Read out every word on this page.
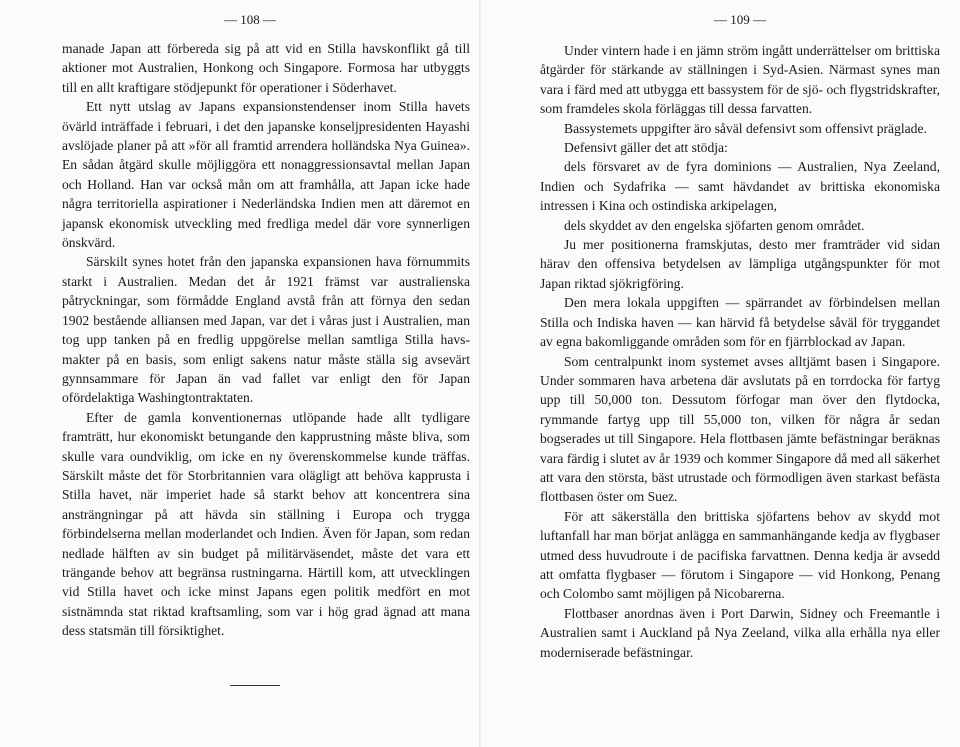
— 108 —

manade Japan att förbereda sig på att vid en Stilla havskonflikt gå till aktioner mot Australien, Honkong och Singapore. Formosa har utbyggts till en allt kraftigare stödjepunkt för operationer i Söderhavet.

Ett nytt utslag av Japans expansionstendenser inom Stilla havets övärld inträffade i februari, i det den japanske konseljpresidenten Hayashi avslöjade planer på att »för all framtid arrendera holländska Nya Guinea». En sådan åtgärd skulle möjliggöra ett nonaggressionsavtal mellan Japan och Holland. Han var också mån om att framhålla, att Japan icke hade några territoriella aspirationer i Nederländska Indien men att däremot en japansk ekonomisk utveckling med fredliga medel där vore synnerligen önskvärd.

Särskilt synes hotet från den japanska expansionen hava förnummits starkt i Australien. Medan det år 1921 främst var australienska påtryckningar, som förmådde England avstå från att förnya den sedan 1902 bestående alliansen med Japan, var det i våras just i Australien, man tog upp tanken på en fredlig uppgörelse mellan samtliga Stilla havs-makter på en basis, som enligt sakens natur måste ställa sig avsevärt gynnsammare för Japan än vad fallet var enligt den för Japan ofördelaktiga Washingtontraktaten.

Efter de gamla konventionernas utlöpande hade allt tydligare framträtt, hur ekonomiskt betungande den kapprustning måste bliva, som skulle vara oundviklig, om icke en ny överenskommelse kunde träffas. Särskilt måste det för Storbritannien vara olägligt att behöva kapprusta i Stilla havet, när imperiet hade så starkt behov att koncentrera sina ansträngningar på att hävda sin ställning i Europa och trygga förbindelserna mellan moderlandet och Indien. Även för Japan, som redan nedlade hälften av sin budget på militärväsendet, måste det vara ett trängande behov att begränsa rustningarna. Härtill kom, att utvecklingen vid Stilla havet och icke minst Japans egen politik medfört en mot sistnämnda stat riktad kraftsamling, som var i hög grad ägnad att mana dess statsmän till försiktighet.

— 109 —

Under vintern hade i en jämn ström ingått underrättelser om brittiska åtgärder för stärkande av ställningen i Syd-Asien. Närmast synes man vara i färd med att utbygga ett bassystem för de sjö- och flygstridskrafter, som framdeles skola förläggas till dessa farvatten.

Bassystemets uppgifter äro såväl defensivt som offensivt präglade.

Defensivt gäller det att stödja:

dels försvaret av de fyra dominions — Australien, Nya Zeeland, Indien och Sydafrika — samt hävdandet av brittiska ekonomiska intressen i Kina och ostindiska arkipelagen,

dels skyddet av den engelska sjöfarten genom området.

Ju mer positionerna framskjutas, desto mer framträder vid sidan härav den offensiva betydelsen av lämpliga utgångspunkter för mot Japan riktad sjökrigföring.

Den mera lokala uppgiften — spärrandet av förbindelsen mellan Stilla och Indiska haven — kan härvid få betydelse såväl för tryggandet av egna bakomliggande områden som för en fjärrblockad av Japan.

Som centralpunkt inom systemet avses alltjämt basen i Singapore. Under sommaren hava arbetena där avslutats på en torrdocka för fartyg upp till 50,000 ton. Dessutom förfogar man över den flytdocka, rymmande fartyg upp till 55,000 ton, vilken för några år sedan bogserades ut till Singapore. Hela flottbasen jämte befästningar beräknas vara färdig i slutet av år 1939 och kommer Singapore då med all säkerhet att vara den största, bäst utrustade och förmodligen även starkast befästa flottbasen öster om Suez.

För att säkerställa den brittiska sjöfartens behov av skydd mot luftanfall har man börjat anlägga en sammanhängande kedja av flygbaser utmed dess huvudroute i de pacifiska farvattnen. Denna kedja är avsedd att omfatta flygbaser — förutom i Singapore — vid Honkong, Penang och Colombo samt möjligen på Nicobarerna.

Flottbaser anordnas även i Port Darwin, Sidney och Freemantle i Australien samt i Auckland på Nya Zeeland, vilka alla erhålla nya eller moderniserade befästningar.
